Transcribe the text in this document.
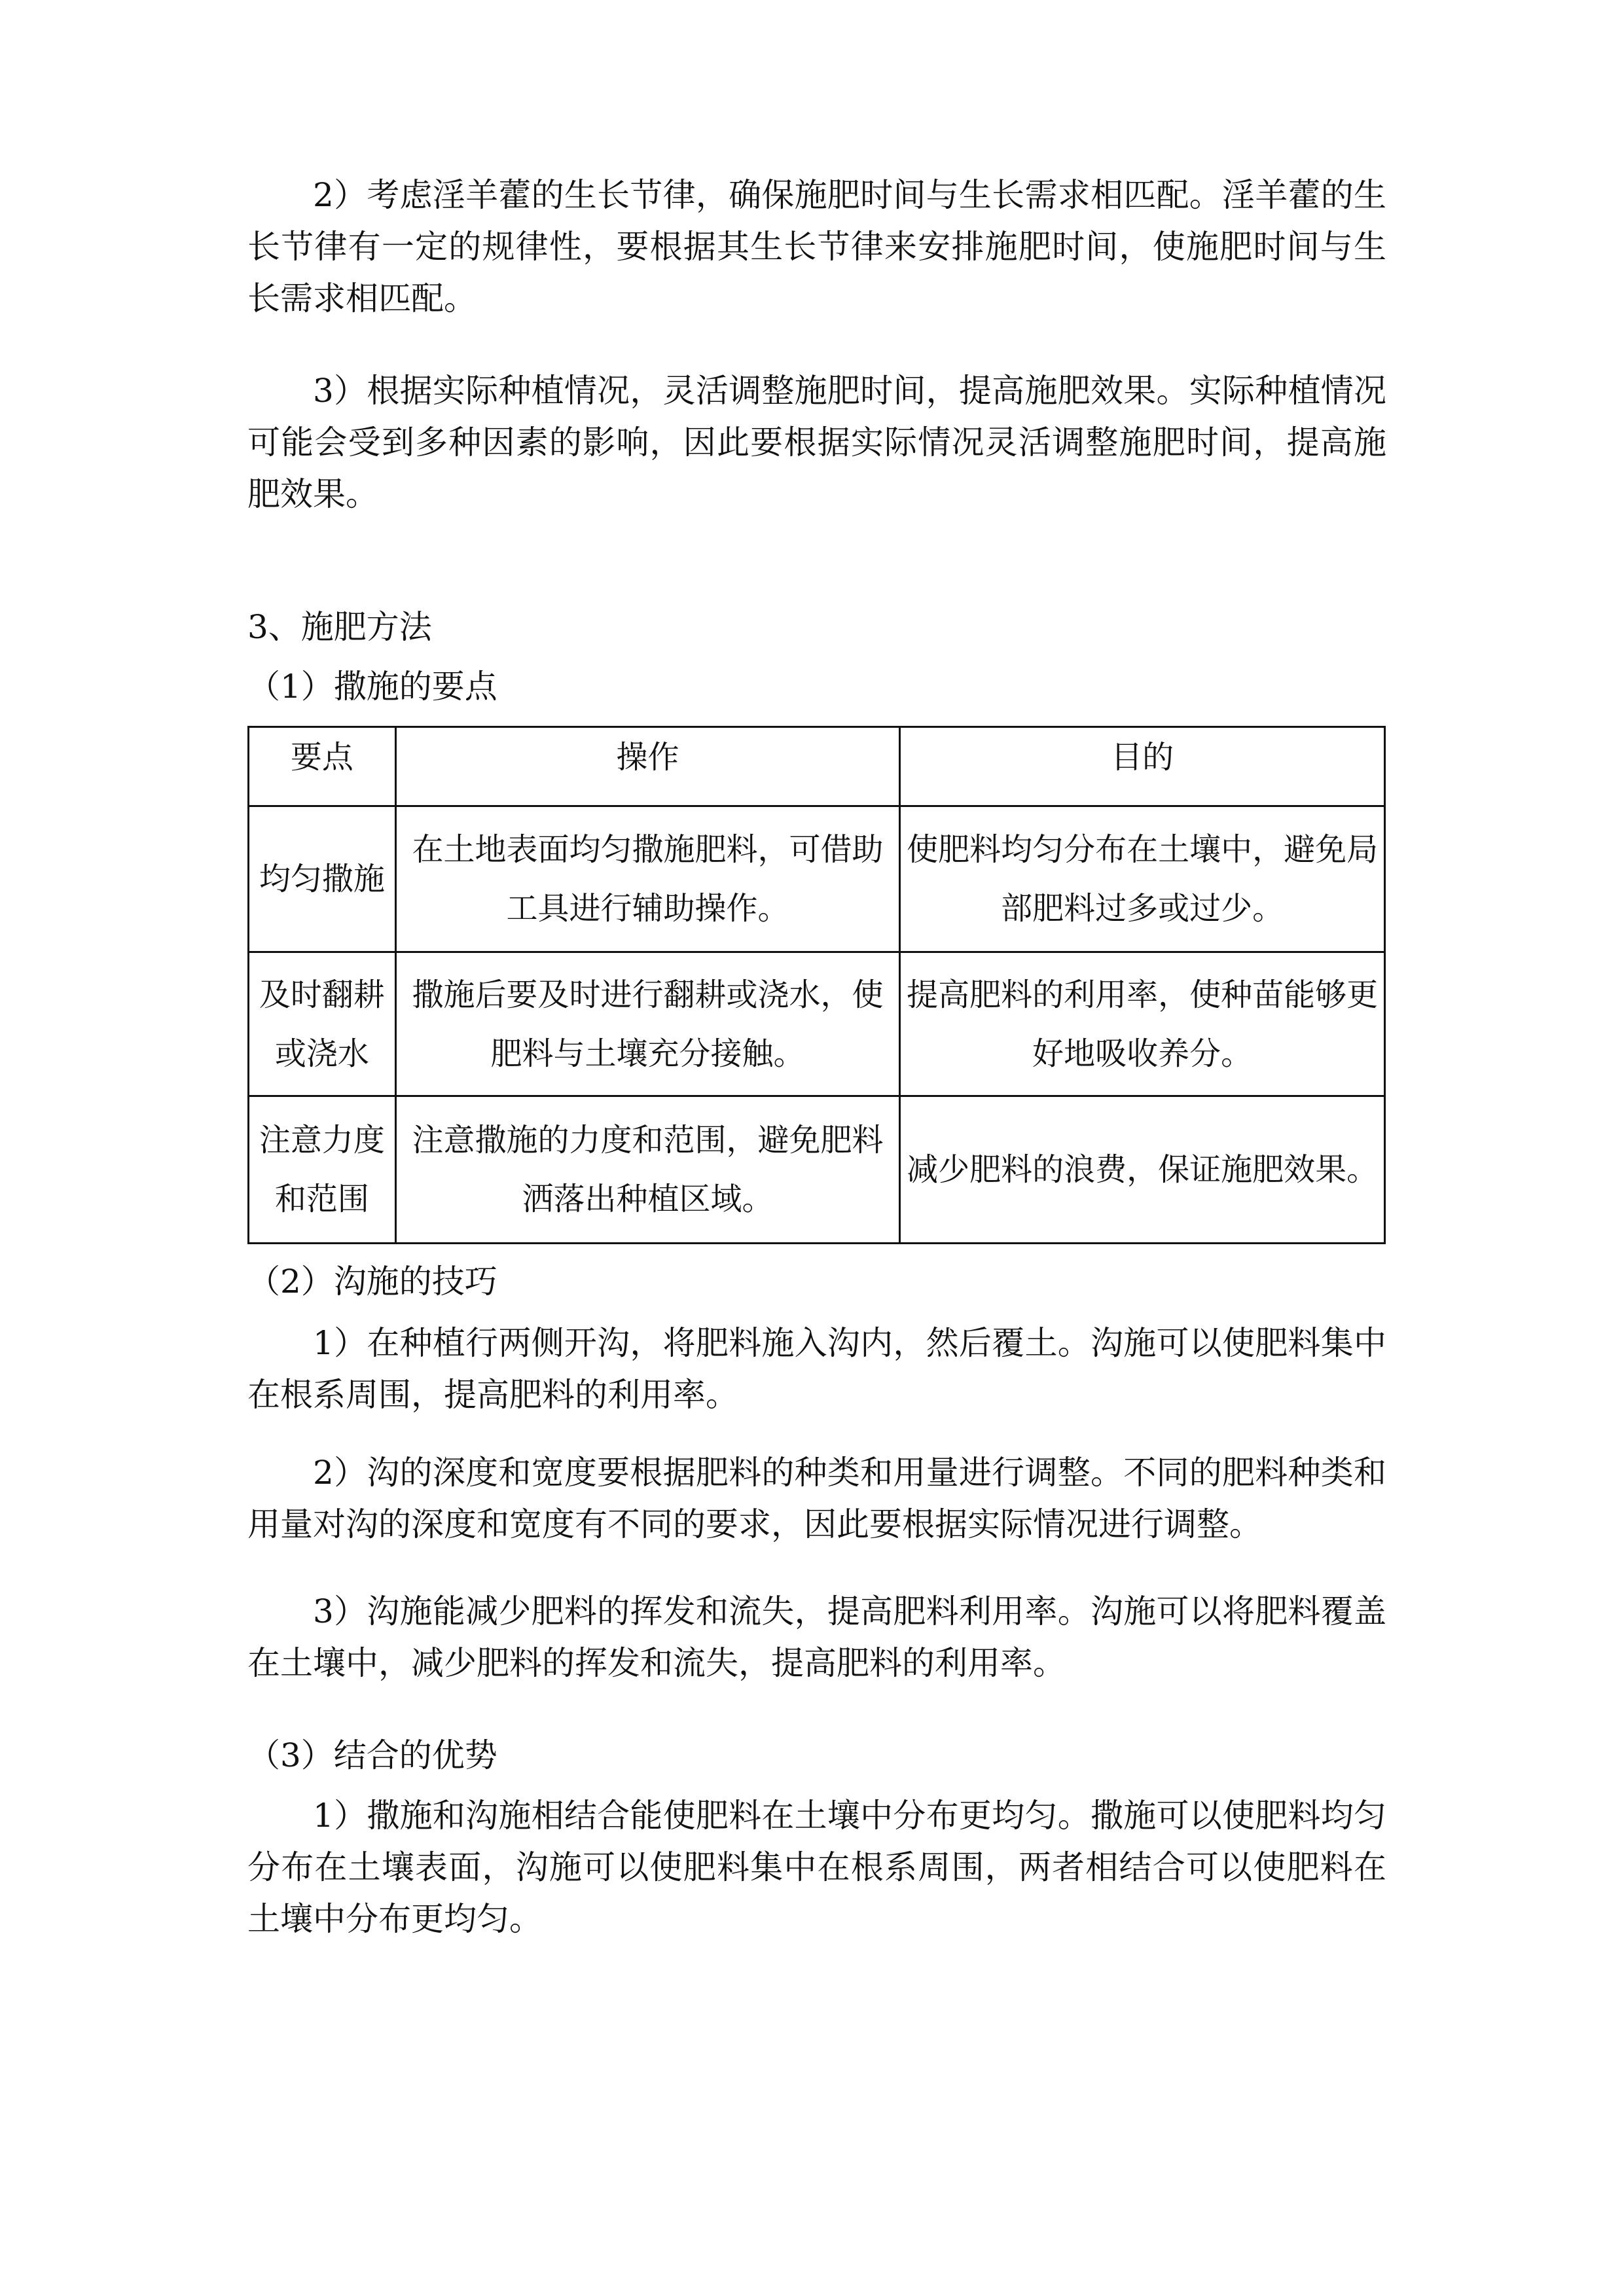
2）考虑淫羊藿的生长节律，确保施肥时间与生长需求相匹配。淫羊藿的生长节律有一定的规律性，要根据其生长节律来安排施肥时间，使施肥时间与生长需求相匹配。

3）根据实际种植情况，灵活调整施肥时间，提高施肥效果。实际种植情况可能会受到多种因素的影响，因此要根据实际情况灵活调整施肥时间，提高施肥效果。

3、施肥方法
（1）撒施的要点
要点	操作	目的
均匀撒施	在土地表面均匀撒施肥料，可借助工具进行辅助操作。	使肥料均匀分布在土壤中，避免局部肥料过多或过少。
及时翻耕或浇水	撒施后要及时进行翻耕或浇水，使肥料与土壤充分接触。	提高肥料的利用率，使种苗能够更好地吸收养分。
注意力度和范围	注意撒施的力度和范围，避免肥料洒落出种植区域。	减少肥料的浪费，保证施肥效果。
（2）沟施的技巧

1）在种植行两侧开沟，将肥料施入沟内，然后覆土。沟施可以使肥料集中在根系周围，提高肥料的利用率。

2）沟的深度和宽度要根据肥料的种类和用量进行调整。不同的肥料种类和用量对沟的深度和宽度有不同的要求，因此要根据实际情况进行调整。

3）沟施能减少肥料的挥发和流失，提高肥料利用率。沟施可以将肥料覆盖在土壤中，减少肥料的挥发和流失，提高肥料的利用率。

（3）结合的优势

1）撒施和沟施相结合能使肥料在土壤中分布更均匀。撒施可以使肥料均匀分布在土壤表面，沟施可以使肥料集中在根系周围，两者相结合可以使肥料在土壤中分布更均匀。
